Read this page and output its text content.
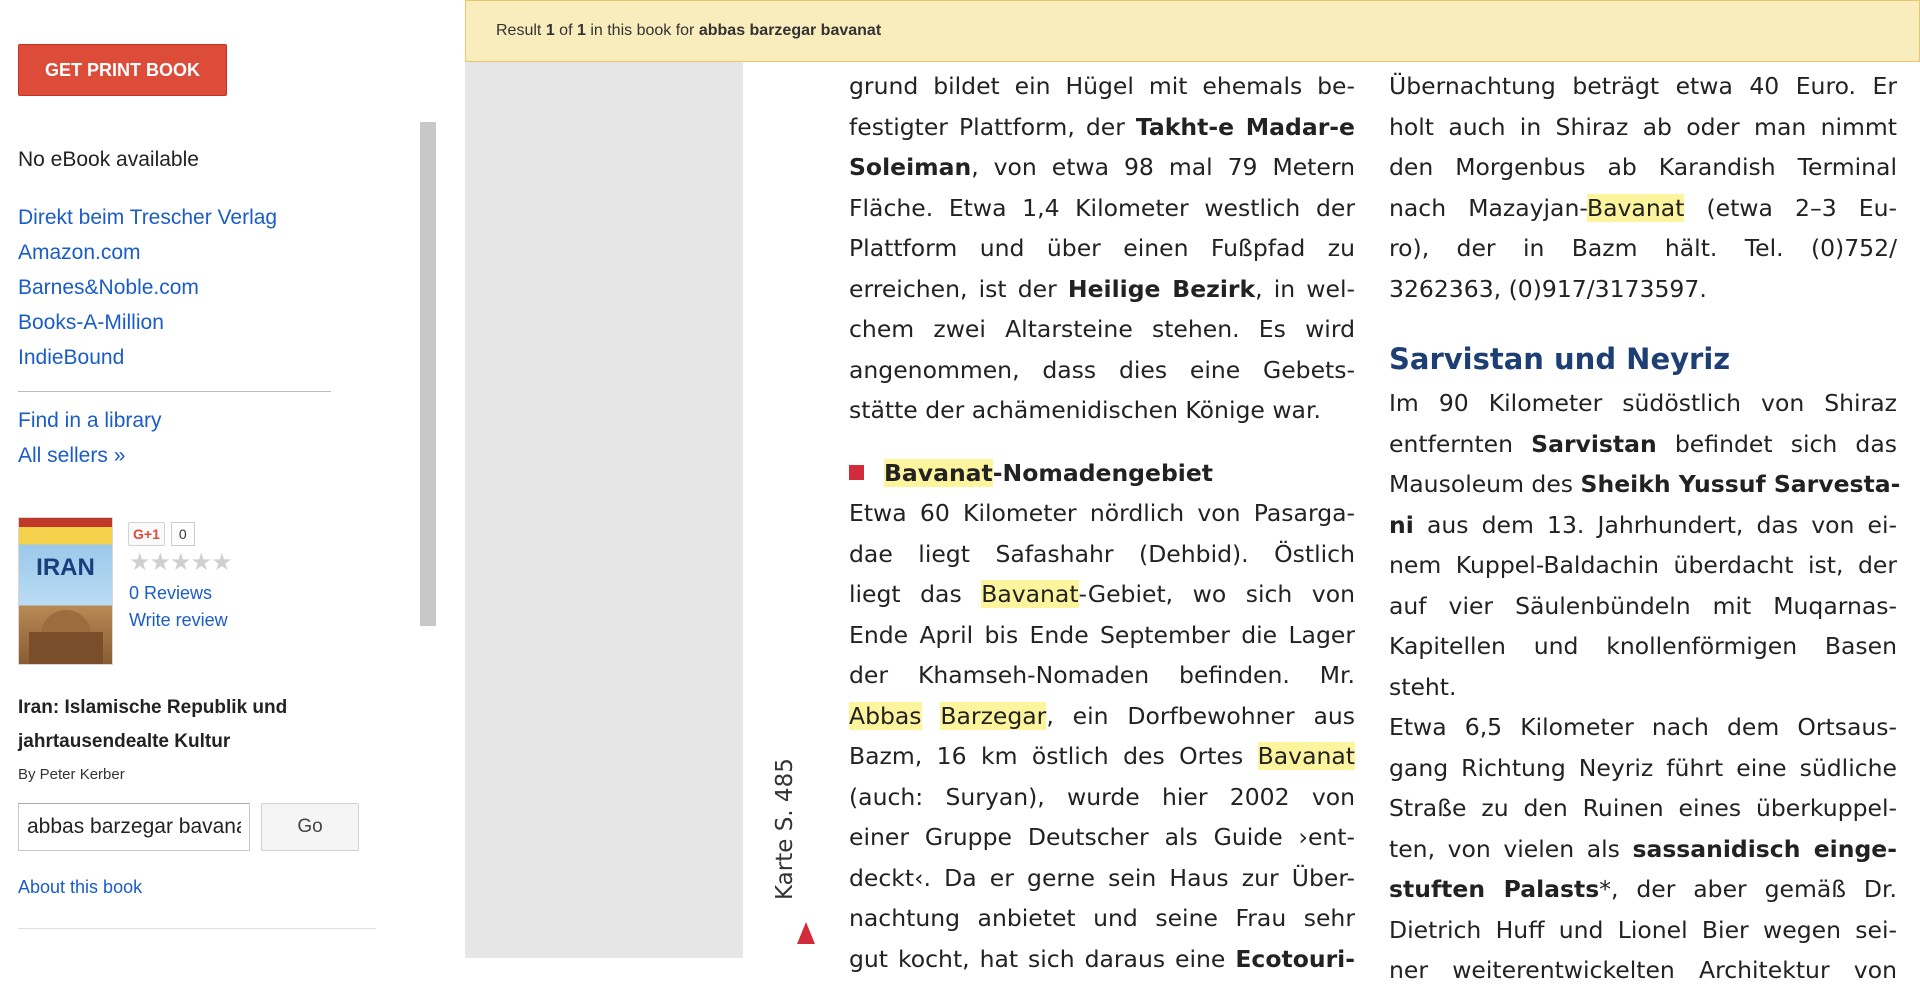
GET PRINT BOOK
No eBook available
Direkt beim Trescher Verlag
Amazon.com
Barnes&Noble.com
Books-A-Million
IndieBound
Find in a library
All sellers »
IRAN
G+1	0
★★★★★
0 Reviews
Write review
Iran: Islamische Republik und jahrtausendealte Kultur
By Peter Kerber
abbas barzegar bavanat
Go
About this book
Result
1
of
1
in this book for
abbas barzegar bavanat
grund bildet ein Hügel mit ehemals be-
festigter Plattform, der Takht-e Madar-e
Soleiman, von etwa 98 mal 79 Metern
Fläche. Etwa 1,4 Kilometer westlich der
Plattform und über einen Fußpfad zu
erreichen, ist der Heilige Bezirk, in wel-
chem zwei Altarsteine stehen. Es wird
angenommen, dass dies eine Gebets-
stätte der achämenidischen Könige war.
Bavanat-Nomadengebiet
Etwa 60 Kilometer nördlich von Pasarga-
dae liegt Safashahr (Dehbid). Östlich
liegt das Bavanat-Gebiet, wo sich von
Ende April bis Ende September die Lager
der Khamseh-Nomaden befinden. Mr.
Abbas Barzegar, ein Dorfbewohner aus
Bazm, 16 km östlich des Ortes Bavanat
(auch: Suryan), wurde hier 2002 von
einer Gruppe Deutscher als Guide ›ent-
deckt‹. Da er gerne sein Haus zur Über-
nachtung anbietet und seine Frau sehr
gut kocht, hat sich daraus eine Ecotouri-
Übernachtung beträgt etwa 40 Euro. Er
holt auch in Shiraz ab oder man nimmt
den Morgenbus ab Karandish Terminal
nach Mazayjan-Bavanat (etwa 2–3 Eu-
ro), der in Bazm hält. Tel. (0)752/
3262363, (0)917/3173597.
Sarvistan und Neyriz
Im 90 Kilometer südöstlich von Shiraz
entfernten Sarvistan befindet sich das
Mausoleum des Sheikh Yussuf Sarvesta-
ni aus dem 13. Jahrhundert, das von ei-
nem Kuppel-Baldachin überdacht ist, der
auf vier Säulenbündeln mit Muqarnas-
Kapitellen und knollenförmigen Basen
steht.
Etwa 6,5 Kilometer nach dem Ortsaus-
gang Richtung Neyriz führt eine südliche
Straße zu den Ruinen eines überkuppel-
ten, von vielen als sassanidisch einge-
stuften Palasts*, der aber gemäß Dr.
Dietrich Huff und Lionel Bier wegen sei-
ner weiterentwickelten Architektur von
Karte S. 485
